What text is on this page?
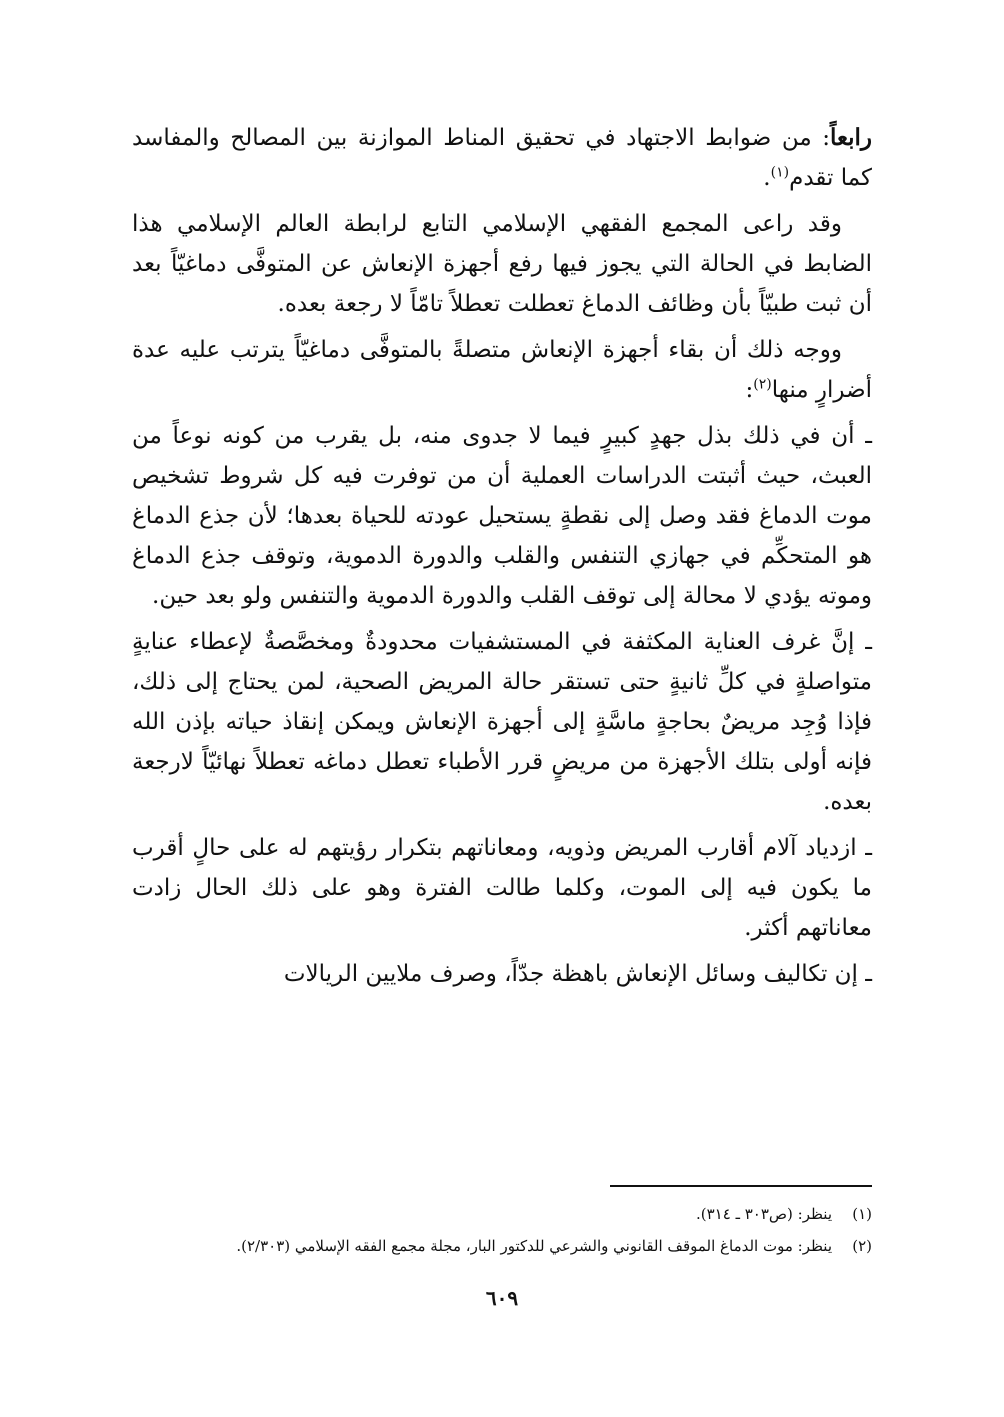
رابعاً: من ضوابط الاجتهاد في تحقيق المناط الموازنة بين المصالح والمفاسد كما تقدم$^{(١)}$.

وقد راعى المجمع الفقهي الإسلامي التابع لرابطة العالم الإسلامي هذا الضابط في الحالة التي يجوز فيها رفع أجهزة الإنعاش عن المتوفَّى دماغيّاً بعد أن ثبت طبيّاً بأن وظائف الدماغ تعطلت تعطلاً تامّاً لا رجعة بعده.

ووجه ذلك أن بقاء أجهزة الإنعاش متصلةً بالمتوفَّى دماغيّاً يترتب عليه عدة أضرارٍ منها$^{(٢)}$:

ـ أن في ذلك بذل جهدٍ كبيرٍ فيما لا جدوى منه، بل يقرب من كونه نوعاً من العبث، حيث أثبتت الدراسات العملية أن من توفرت فيه كل شروط تشخيص موت الدماغ فقد وصل إلى نقطةٍ يستحيل عودته للحياة بعدها؛ لأن جذع الدماغ هو المتحكِّم في جهازي التنفس والقلب والدورة الدموية، وتوقف جذع الدماغ وموته يؤدي لا محالة إلى توقف القلب والدورة الدموية والتنفس ولو بعد حين.

ـ إنَّ غرف العناية المكثفة في المستشفيات محدودةٌ ومخصَّصةٌ لإعطاء عنايةٍ متواصلةٍ في كلِّ ثانيةٍ حتى تستقر حالة المريض الصحية، لمن يحتاج إلى ذلك، فإذا وُجِد مريضٌ بحاجةٍ ماسَّةٍ إلى أجهزة الإنعاش ويمكن إنقاذ حياته بإذن الله فإنه أولى بتلك الأجهزة من مريضٍ قرر الأطباء تعطل دماغه تعطلاً نهائيّاً لارجعة بعده.

ـ ازدياد آلام أقارب المريض وذويه، ومعاناتهم بتكرار رؤيتهم له على حالٍ أقرب ما يكون فيه إلى الموت، وكلما طالت الفترة وهو على ذلك الحال زادت معاناتهم أكثر.

ـ إن تكاليف وسائل الإنعاش باهظة جدّاً، وصرف ملايين الريالات

(١)ينظر: (ص٣٠٣ ـ ٣١٤).
(٢)ينظر: موت الدماغ الموقف القانوني والشرعي للدكتور البار، مجلة مجمع الفقه الإسلامي (٢/٣٠٣).
٦٠٩
